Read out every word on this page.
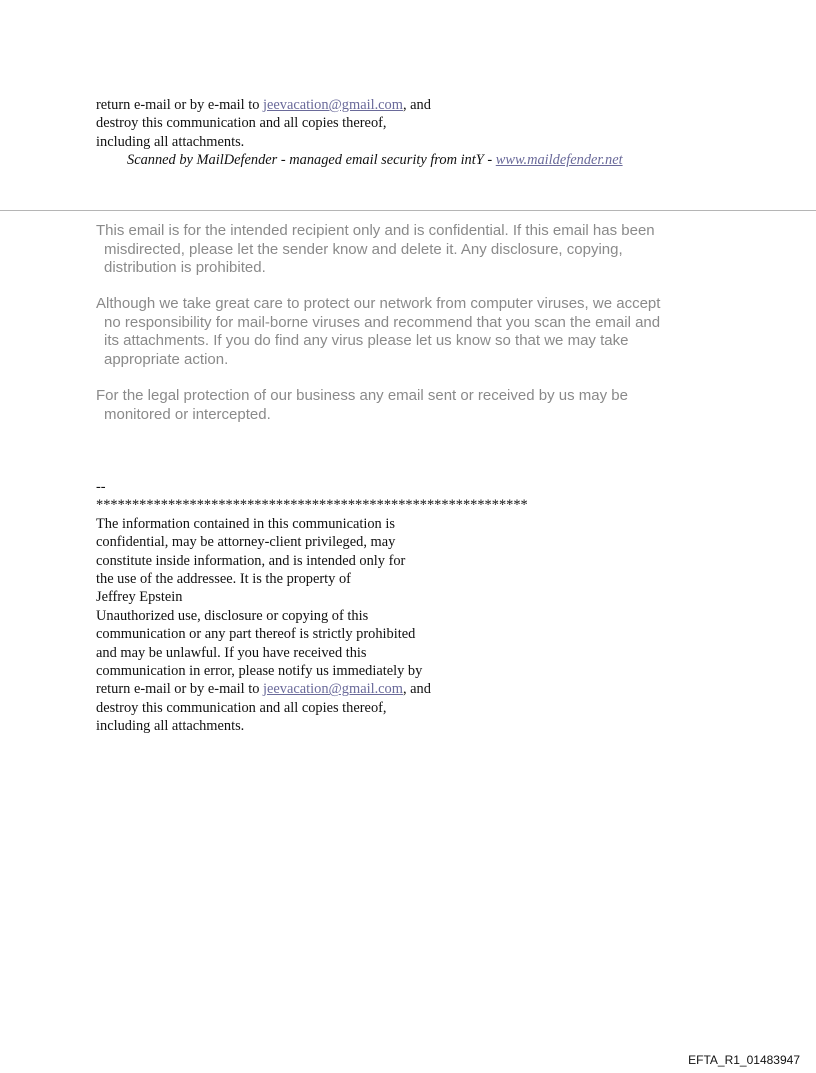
return e-mail or by e-mail to jeevacation@gmail.com, and
destroy this communication and all copies thereof,
including all attachments.
Scanned by MailDefender - managed email security from intY - www.maildefender.net
This email is for the intended recipient only and is confidential. If this email has been
misdirected, please let the sender know and delete it. Any disclosure, copying,
distribution is prohibited.
Although we take great care to protect our network from computer viruses, we accept
no responsibility for mail-borne viruses and recommend that you scan the email and
its attachments. If you do find any virus please let us know so that we may take
appropriate action.
For the legal protection of our business any email sent or received by us may be
monitored or intercepted.
--
************************************************************
The information contained in this communication is
confidential, may be attorney-client privileged, may
constitute inside information, and is intended only for
the use of the addressee. It is the property of
Jeffrey Epstein
Unauthorized use, disclosure or copying of this
communication or any part thereof is strictly prohibited
and may be unlawful. If you have received this
communication in error, please notify us immediately by
return e-mail or by e-mail to jeevacation@gmail.com, and
destroy this communication and all copies thereof,
including all attachments.
EFTA_R1_01483947
